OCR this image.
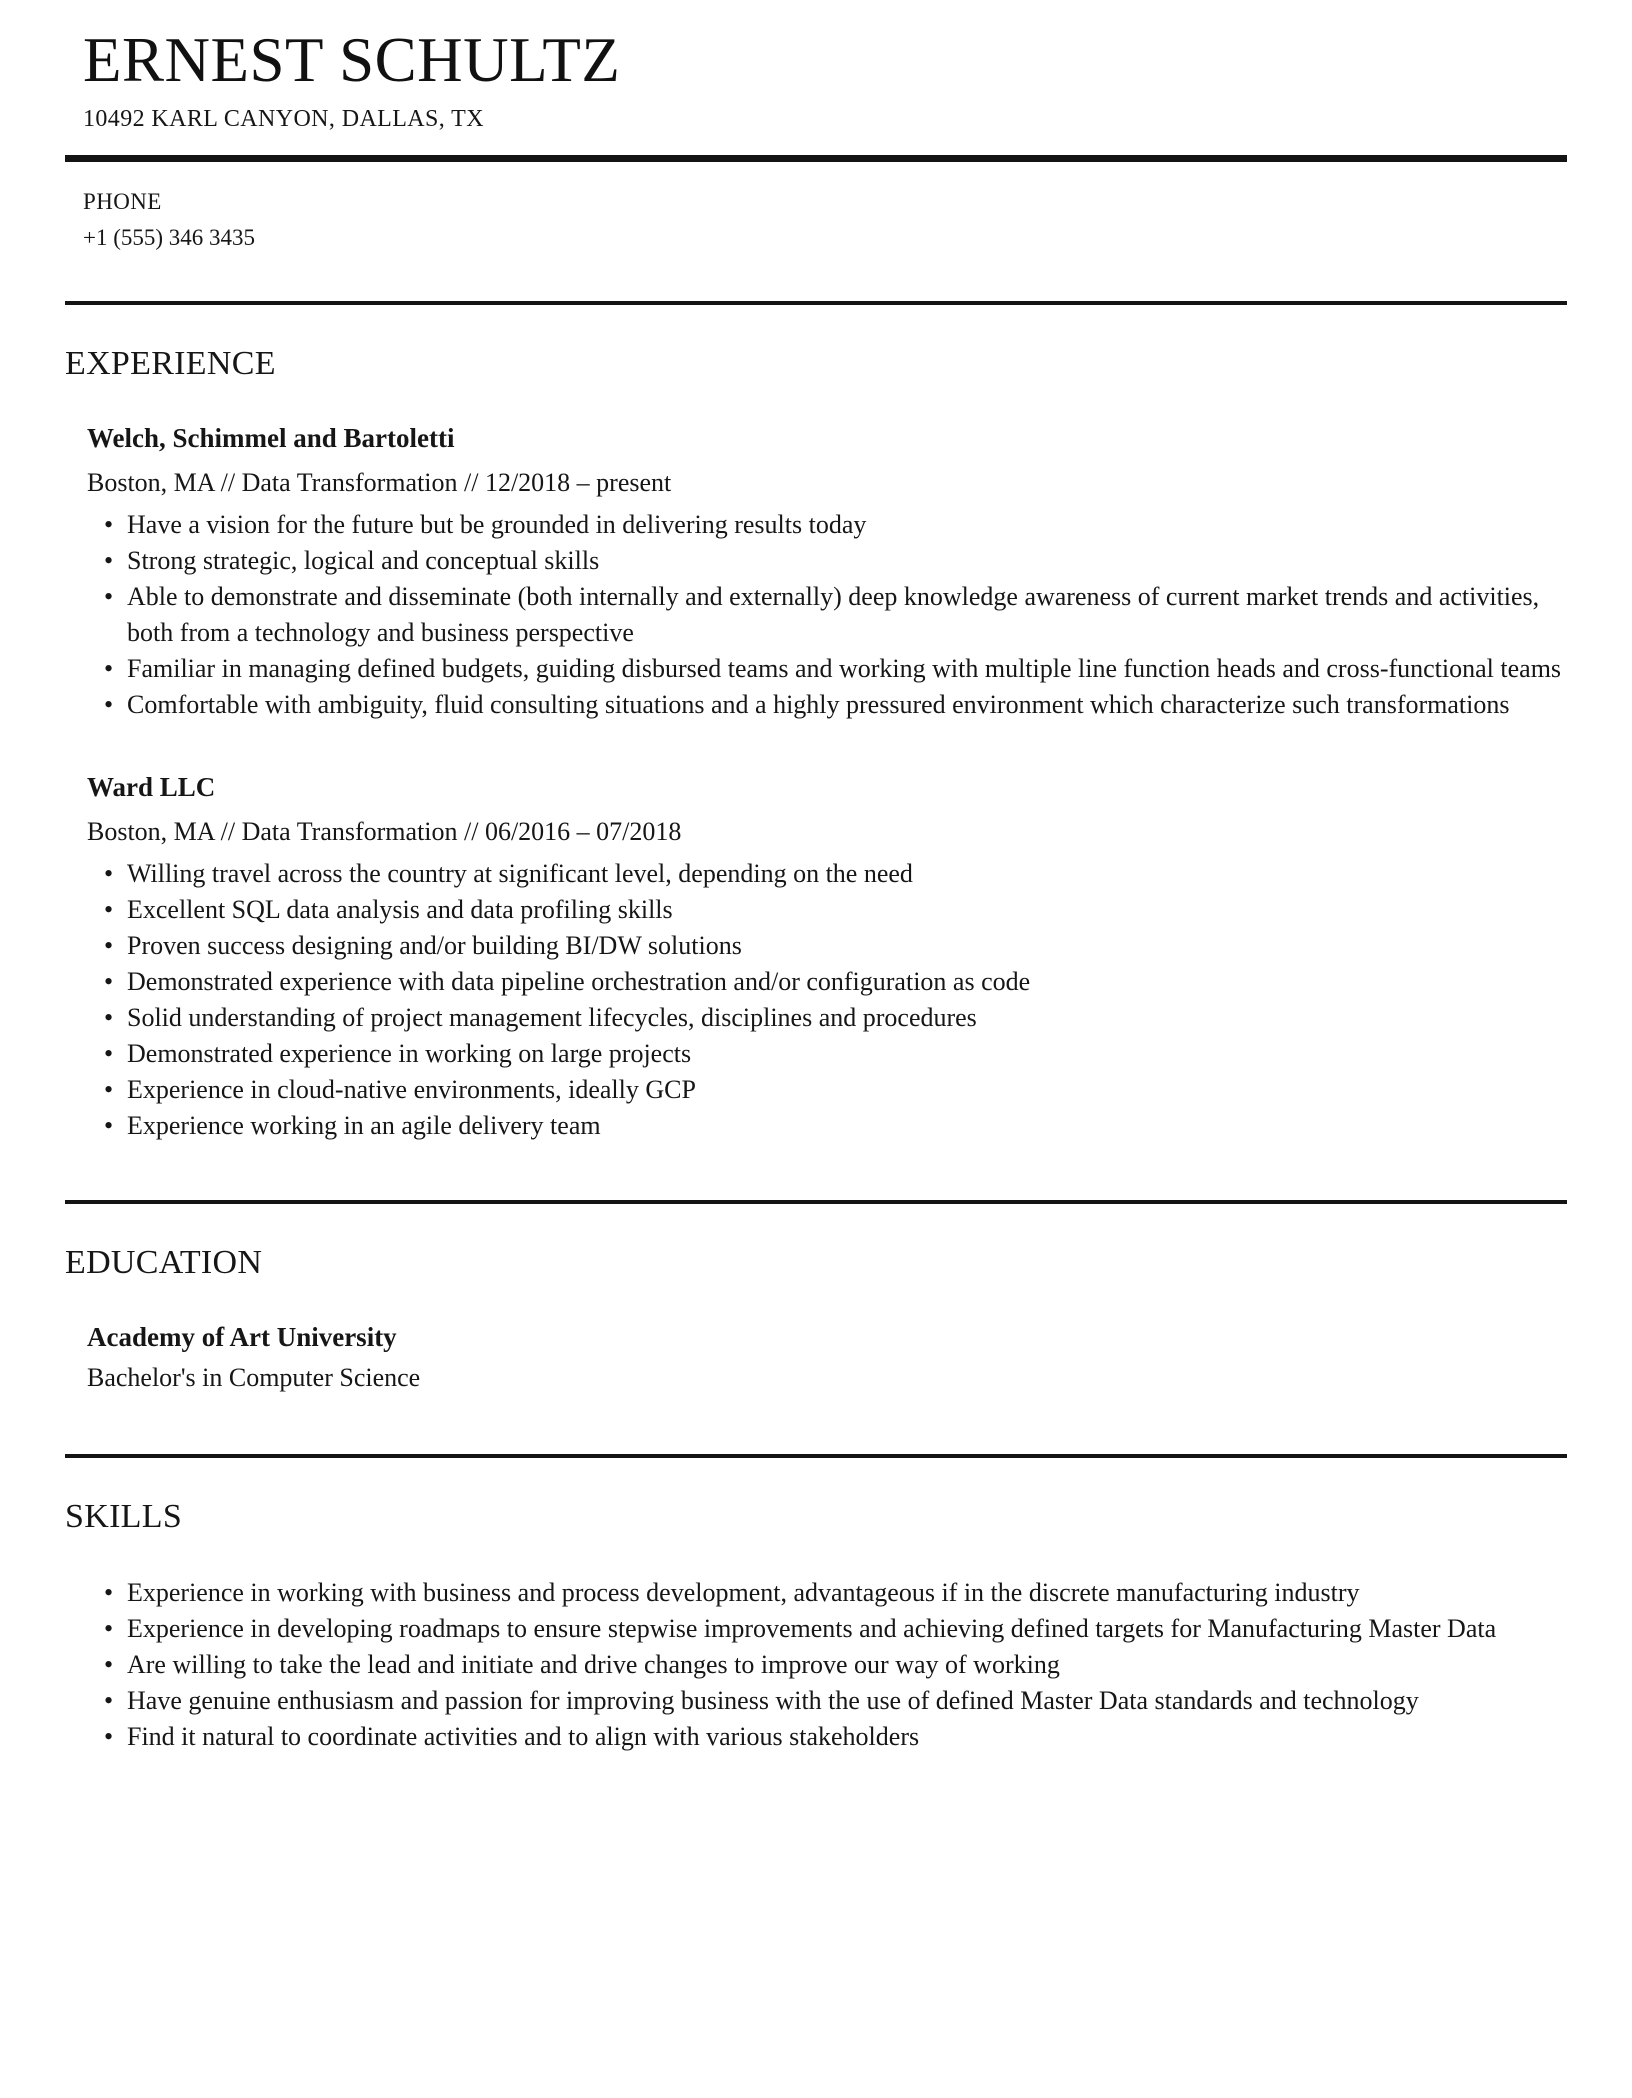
ERNEST SCHULTZ
10492 KARL CANYON, DALLAS, TX
PHONE
+1 (555) 346 3435
EXPERIENCE
Welch, Schimmel and Bartoletti
Boston, MA // Data Transformation // 12/2018 – present
• Have a vision for the future but be grounded in delivering results today
• Strong strategic, logical and conceptual skills
• Able to demonstrate and disseminate (both internally and externally) deep knowledge awareness of current market trends and activities, both from a technology and business perspective
• Familiar in managing defined budgets, guiding disbursed teams and working with multiple line function heads and cross-functional teams
• Comfortable with ambiguity, fluid consulting situations and a highly pressured environment which characterize such transformations
Ward LLC
Boston, MA // Data Transformation // 06/2016 – 07/2018
• Willing travel across the country at significant level, depending on the need
• Excellent SQL data analysis and data profiling skills
• Proven success designing and/or building BI/DW solutions
• Demonstrated experience with data pipeline orchestration and/or configuration as code
• Solid understanding of project management lifecycles, disciplines and procedures
• Demonstrated experience in working on large projects
• Experience in cloud-native environments, ideally GCP
• Experience working in an agile delivery team
EDUCATION
Academy of Art University
Bachelor's in Computer Science
SKILLS
• Experience in working with business and process development, advantageous if in the discrete manufacturing industry
• Experience in developing roadmaps to ensure stepwise improvements and achieving defined targets for Manufacturing Master Data
• Are willing to take the lead and initiate and drive changes to improve our way of working
• Have genuine enthusiasm and passion for improving business with the use of defined Master Data standards and technology
• Find it natural to coordinate activities and to align with various stakeholders
